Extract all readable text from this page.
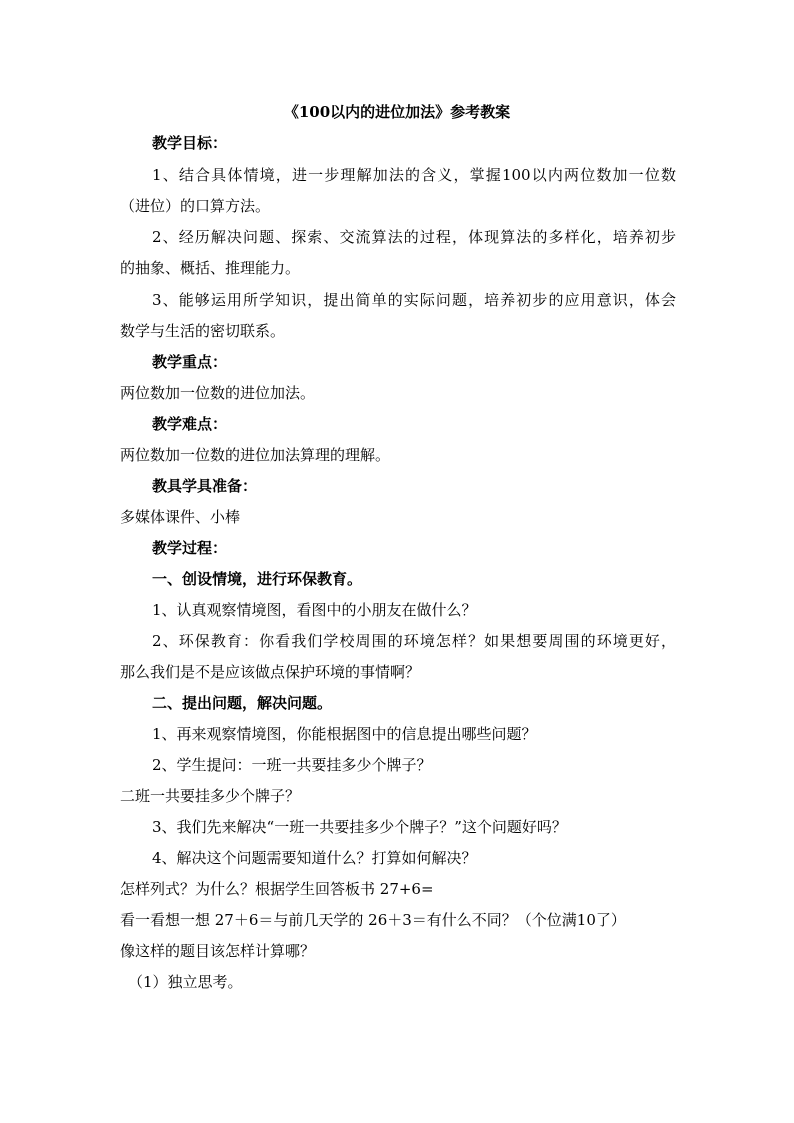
《100以内的进位加法》参考教案
教学目标：
1、结合具体情境，进一步理解加法的含义，掌握100以内两位数加一位数
（进位）的口算方法。
2、经历解决问题、探索、交流算法的过程，体现算法的多样化，培养初步
的抽象、概括、推理能力。
3、能够运用所学知识，提出简单的实际问题，培养初步的应用意识，体会
数学与生活的密切联系。
教学重点：
两位数加一位数的进位加法。
教学难点：
两位数加一位数的进位加法算理的理解。
教具学具准备：
多媒体课件、小棒
教学过程：
一、创设情境，进行环保教育。
1、认真观察情境图，看图中的小朋友在做什么？
2、环保教育：你看我们学校周围的环境怎样？如果想要周围的环境更好，
那么我们是不是应该做点保护环境的事情啊？
二、提出问题，解决问题。
1、再来观察情境图，你能根据图中的信息提出哪些问题？
2、学生提问：一班一共要挂多少个牌子？
二班一共要挂多少个牌子？
3、我们先来解决“一班一共要挂多少个牌子？”这个问题好吗？
4、解决这个问题需要知道什么？打算如何解决？
怎样列式？为什么？根据学生回答板书 27+6=
看一看想一想 27＋6＝与前几天学的 26＋3＝有什么不同？（个位满10了）
像这样的题目该怎样计算哪？
（1）独立思考。
